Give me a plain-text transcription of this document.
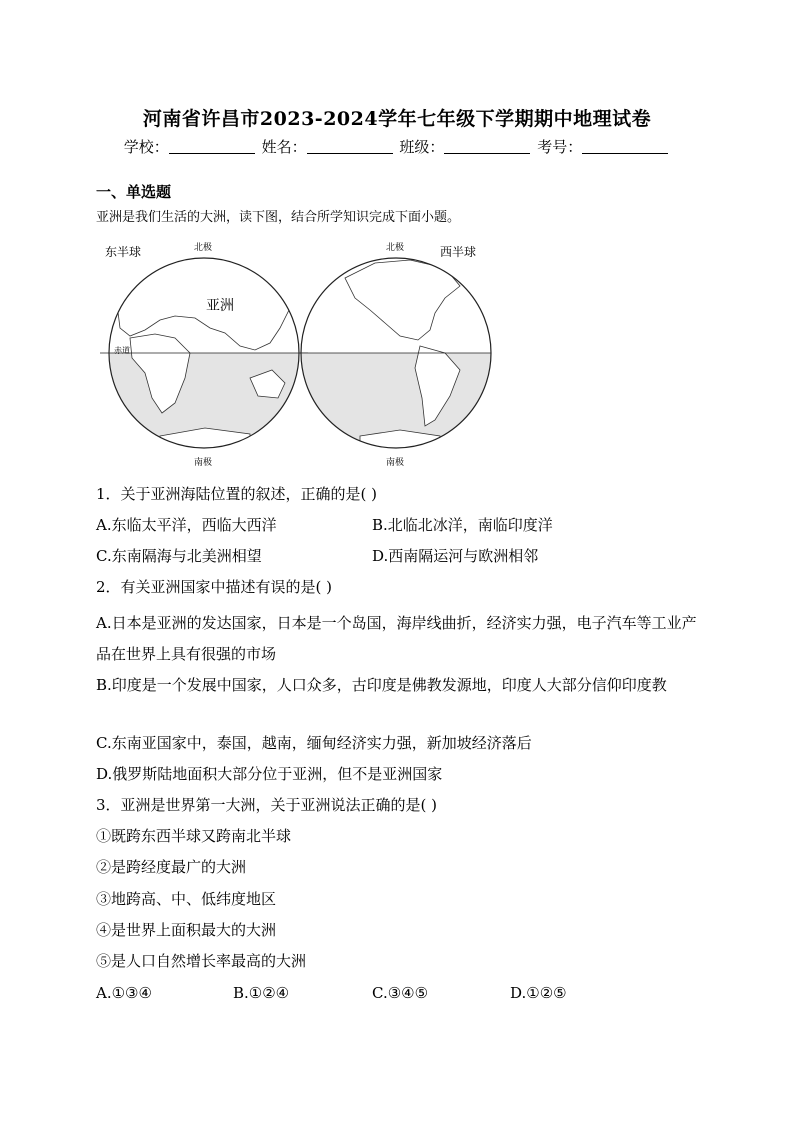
河南省许昌市2023-2024学年七年级下学期期中地理试卷
学校：	姓名：	班级：	考号：
一、单选题
亚洲是我们生活的大洲，读下图，结合所学知识完成下面小题。
赤道
东半球	北极
南极
亚洲
西半球
北极
南极
1．关于亚洲海陆位置的叙述，正确的是( )
A.东临太平洋，西临大西洋	B.北临北冰洋，南临印度洋
C.东南隔海与北美洲相望	D.西南隔运河与欧洲相邻
2．有关亚洲国家中描述有误的是( )
A.日本是亚洲的发达国家，日本是一个岛国，海岸线曲折，经济实力强，电子汽车等工业产品在世界上具有很强的市场
B.印度是一个发展中国家，人口众多，古印度是佛教发源地，印度人大部分信仰印度教
C.东南亚国家中，泰国，越南，缅甸经济实力强，新加坡经济落后
D.俄罗斯陆地面积大部分位于亚洲，但不是亚洲国家
3．亚洲是世界第一大洲，关于亚洲说法正确的是( )
①既跨东西半球又跨南北半球
②是跨经度最广的大洲
③地跨高、中、低纬度地区
④是世界上面积最大的大洲
⑤是人口自然增长率最高的大洲
A.①③④	B.①②④	C.③④⑤	D.①②⑤
